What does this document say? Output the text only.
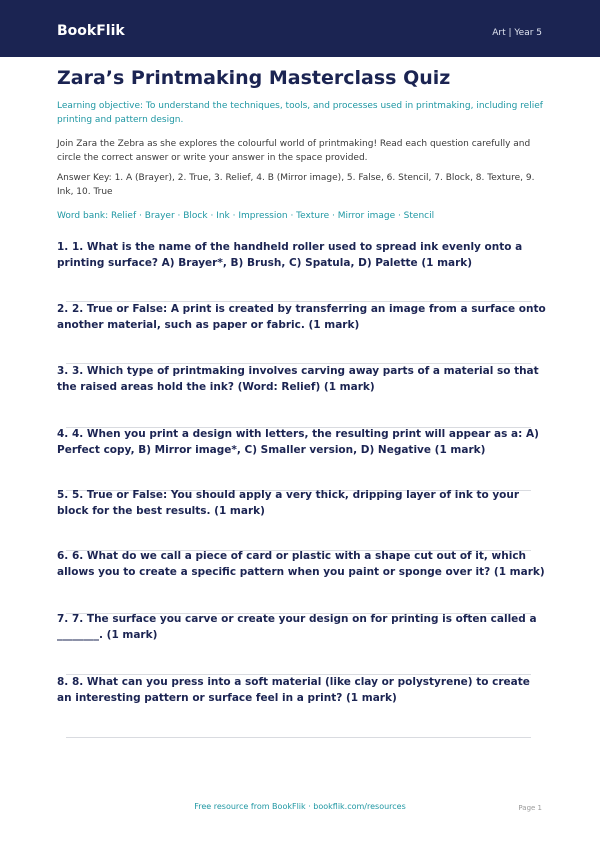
BookFlik	Art | Year 5
Zara’s Printmaking Masterclass Quiz

Learning objective: To understand the techniques, tools, and processes used in printmaking, including relief printing and pattern design.

Join Zara the Zebra as she explores the colourful world of printmaking! Read each question carefully and circle the correct answer or write your answer in the space provided.

Answer Key: 1. A (Brayer), 2. True, 3. Relief, 4. B (Mirror image), 5. False, 6. Stencil, 7. Block, 8. Texture, 9. Ink, 10. True

Word bank: Relief · Brayer · Block · Ink · Impression · Texture · Mirror image · Stencil

1. 1. What is the name of the handheld roller used to spread ink evenly onto a printing surface? A) Brayer*, B) Brush, C) Spatula, D) Palette (1 mark)

2. 2. True or False: A print is created by transferring an image from a surface onto another material, such as paper or fabric. (1 mark)

3. 3. Which type of printmaking involves carving away parts of a material so that the raised areas hold the ink? (Word: Relief) (1 mark)

4. 4. When you print a design with letters, the resulting print will appear as a: A) Perfect copy, B) Mirror image*, C) Smaller version, D) Negative (1 mark)

5. 5. True or False: You should apply a very thick, dripping layer of ink to your block for the best results. (1 mark)

6. 6. What do we call a piece of card or plastic with a shape cut out of it, which allows you to create a specific pattern when you paint or sponge over it? (1 mark)

7. 7. The surface you carve or create your design on for printing is often called a ________. (1 mark)

8. 8. What can you press into a soft material (like clay or polystyrene) to create an interesting pattern or surface feel in a print? (1 mark)

Free resource from BookFlik · bookflik.com/resources	Page 1
